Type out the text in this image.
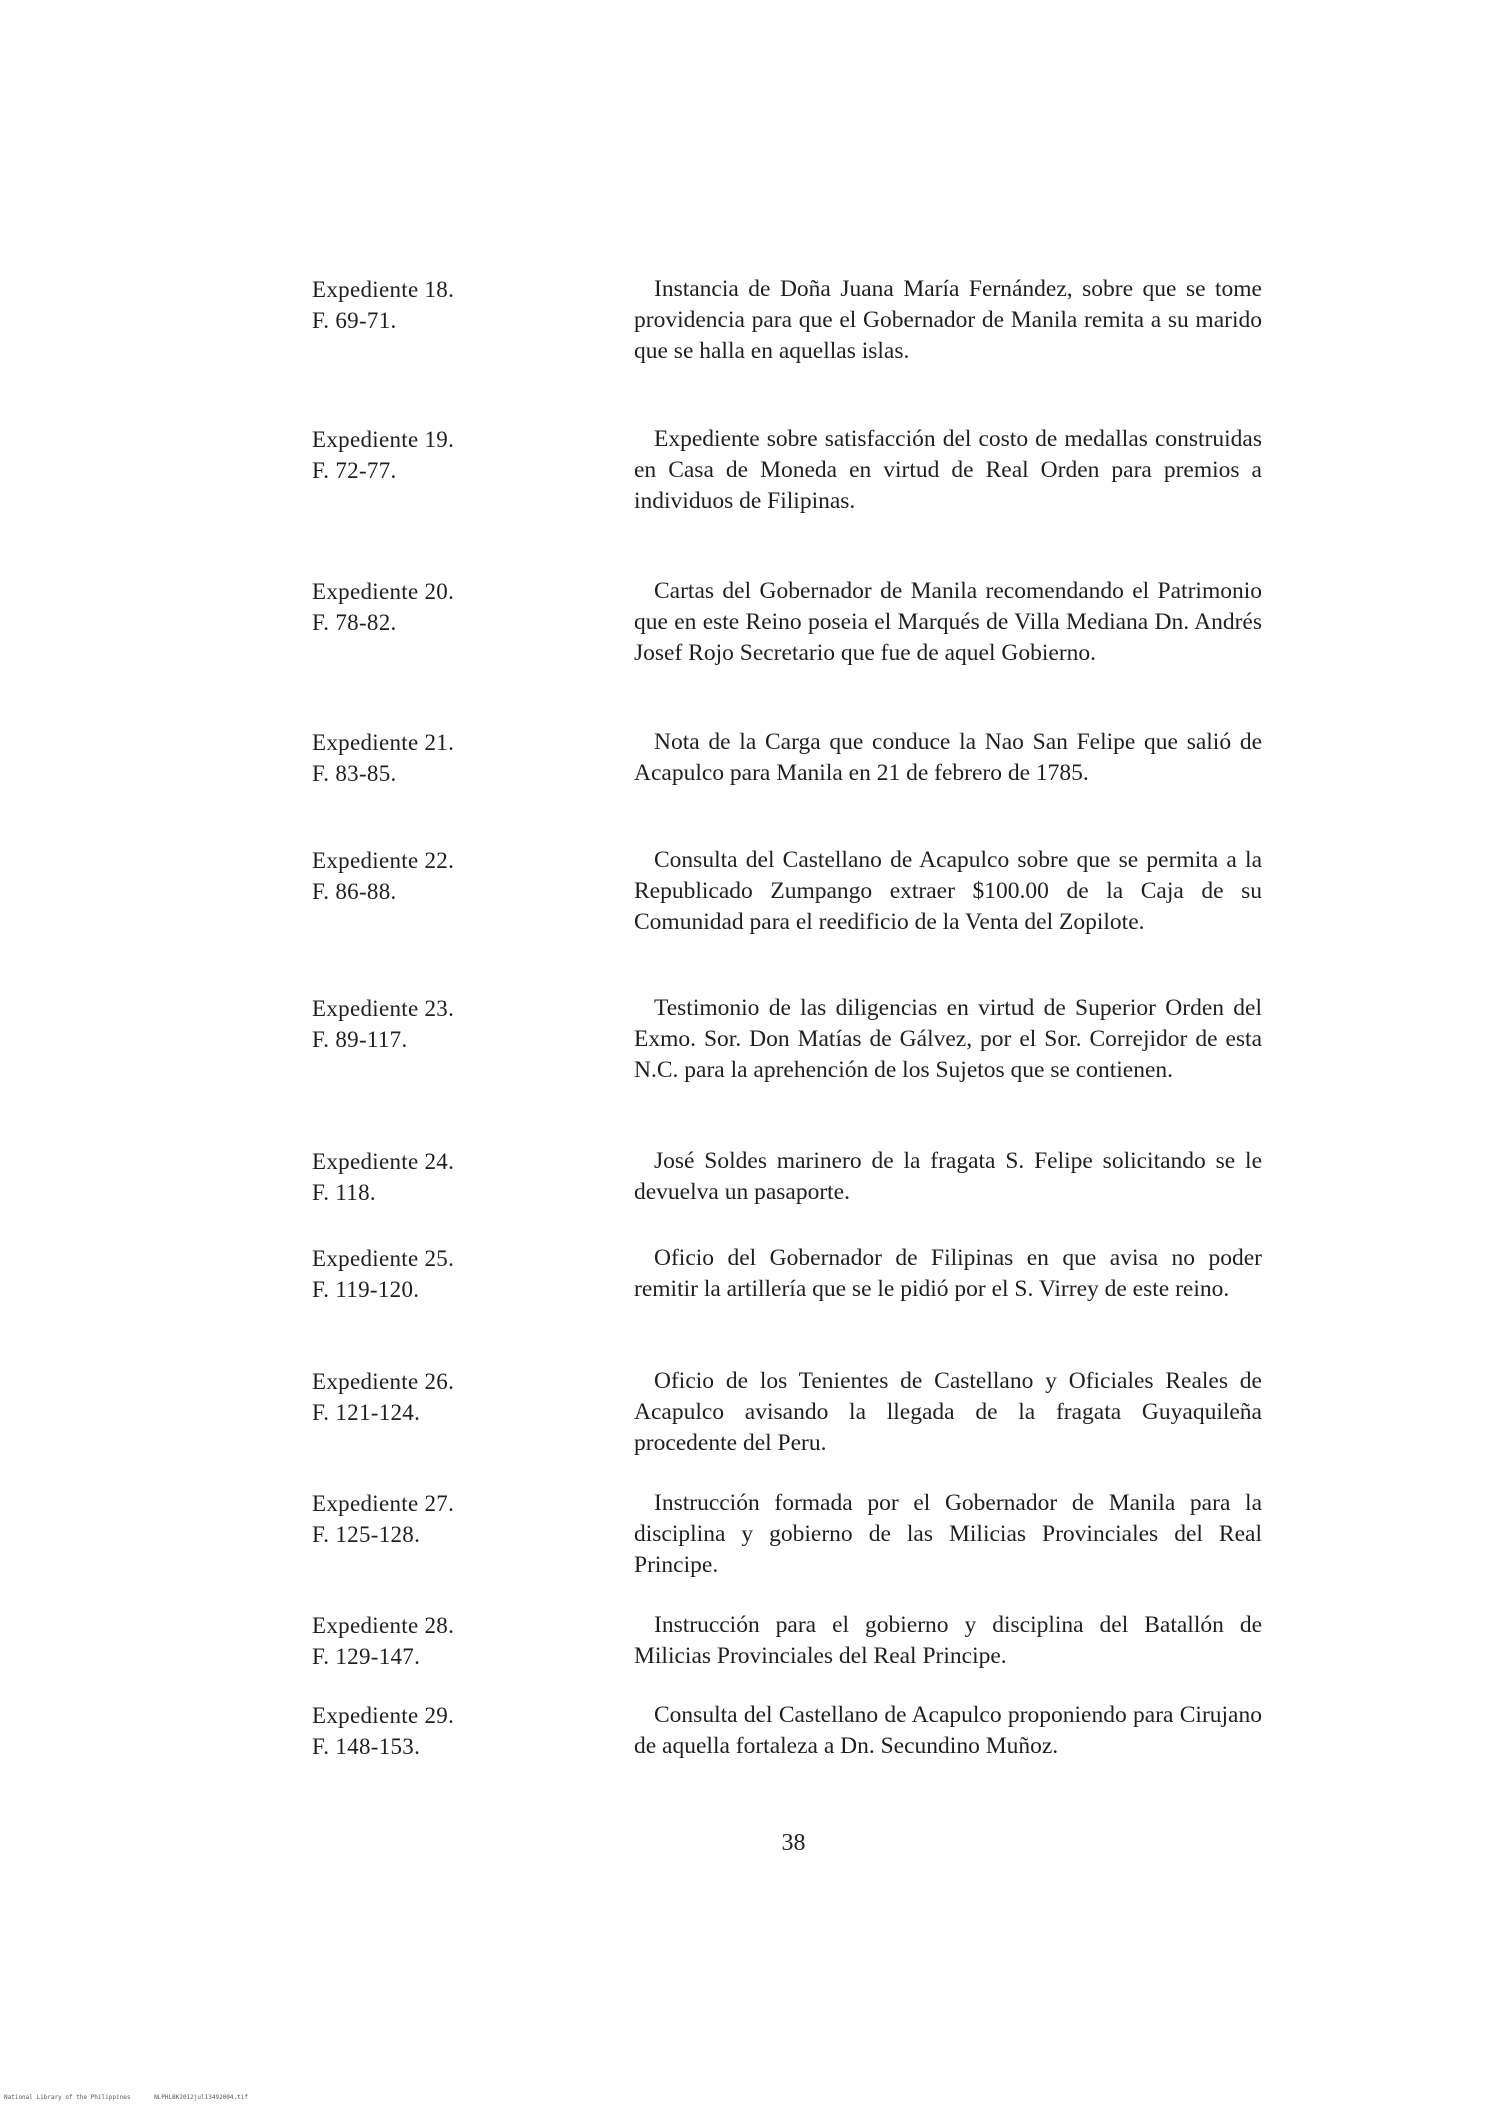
Expediente 18.
F. 69-71.
Instancia de Doña Juana María Fernández, sobre que se tome providencia para que el Gobernador de Manila remita a su marido que se halla en aquellas islas.
Expediente 19.
F. 72-77.
Expediente sobre satisfacción del costo de medallas construidas en Casa de Moneda en virtud de Real Orden para premios a individuos de Filipinas.
Expediente 20.
F. 78-82.
Cartas del Gobernador de Manila recomendando el Patrimonio que en este Reino poseia el Marqués de Villa Mediana Dn. Andrés Josef Rojo Secretario que fue de aquel Gobierno.
Expediente 21.
F. 83-85.
Nota de la Carga que conduce la Nao San Felipe que salió de Acapulco para Manila en 21 de febrero de 1785.
Expediente 22.
F. 86-88.
Consulta del Castellano de Acapulco sobre que se permita a la Republicado Zumpango extraer $100.00 de la Caja de su Comunidad para el reedificio de la Venta del Zopilote.
Expediente 23.
F. 89-117.
Testimonio de las diligencias en virtud de Superior Orden del Exmo. Sor. Don Matías de Gálvez, por el Sor. Correjidor de esta N.C. para la aprehención de los Sujetos que se contienen.
Expediente 24.
F. 118.
José Soldes marinero de la fragata S. Felipe solicitando se le devuelva un pasaporte.
Expediente 25.
F. 119-120.
Oficio del Gobernador de Filipinas en que avisa no poder remitir la artillería que se le pidió por el S. Virrey de este reino.
Expediente 26.
F. 121-124.
Oficio de los Tenientes de Castellano y Oficiales Reales de Acapulco avisando la llegada de la fragata Guyaquileña procedente del Peru.
Expediente 27.
F. 125-128.
Instrucción formada por el Gobernador de Manila para la disciplina y gobierno de las Milicias Provinciales del Real Principe.
Expediente 28.
F. 129-147.
Instrucción para el gobierno y disciplina del Batallón de Milicias Provinciales del Real Principe.
Expediente 29.
F. 148-153.
Consulta del Castellano de Acapulco proponiendo para Cirujano de aquella fortaleza a Dn. Secundino Muñoz.
38
National Library of the Philippines	NLPHLBK2012jul13492004.tif
